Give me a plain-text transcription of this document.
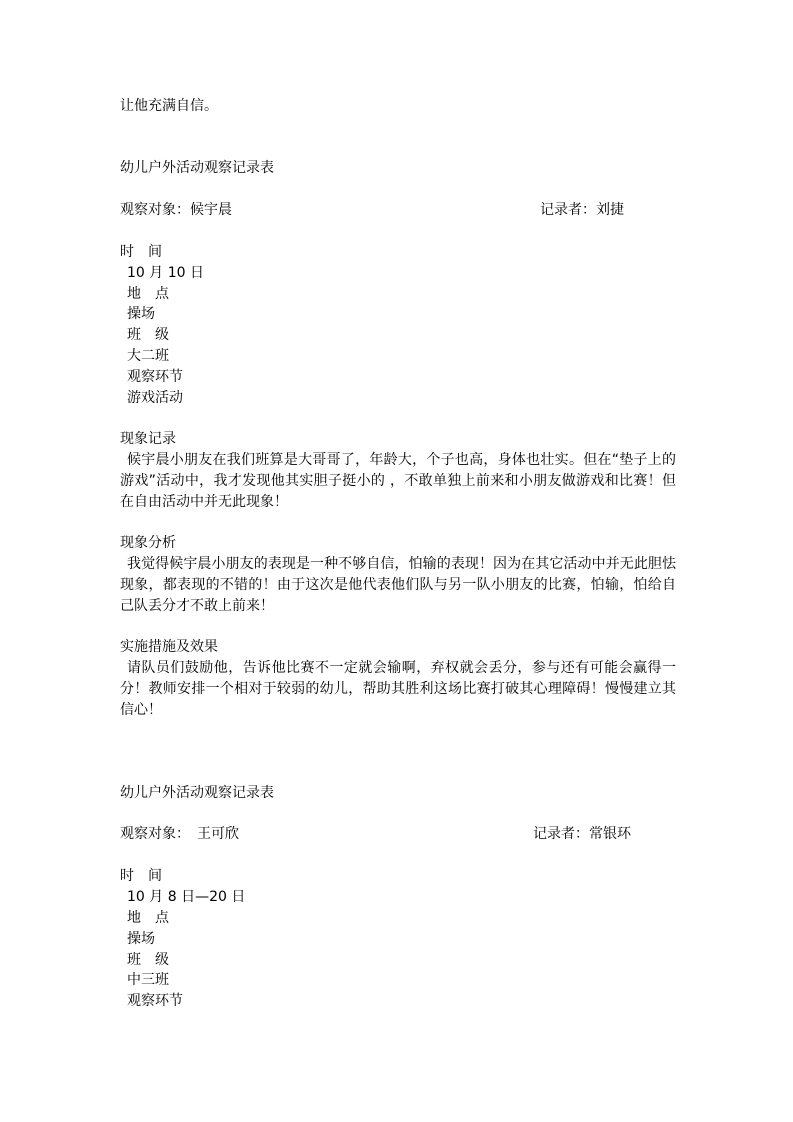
让他充满自信。
幼儿户外活动观察记录表
观察对象：候宇晨	记录者：刘捷
时　间
10 月 10 日
地　点
操场
班　级
大二班
观察环节
游戏活动
现象记录
候宇晨小朋友在我们班算是大哥哥了，年龄大，个子也高，身体也壮实。但在“垫子上的游戏”活动中，我才发现他其实胆子挺小的 ，不敢单独上前来和小朋友做游戏和比赛！但在自由活动中并无此现象！
现象分析
我觉得候宇晨小朋友的表现是一种不够自信，怕输的表现！因为在其它活动中并无此胆怯现象，都表现的不错的！由于这次是他代表他们队与另一队小朋友的比赛，怕输，怕给自己队丢分才不敢上前来！
实施措施及效果
请队员们鼓励他，告诉他比赛不一定就会输啊，弃权就会丢分，参与还有可能会赢得一分！教师安排一个相对于较弱的幼儿，帮助其胜利这场比赛打破其心理障碍！慢慢建立其信心！
幼儿户外活动观察记录表
观察对象：　王可欣	记录者：常银环
时　间
10 月 8 日—20 日
地　点
操场
班　级
中三班
观察环节
